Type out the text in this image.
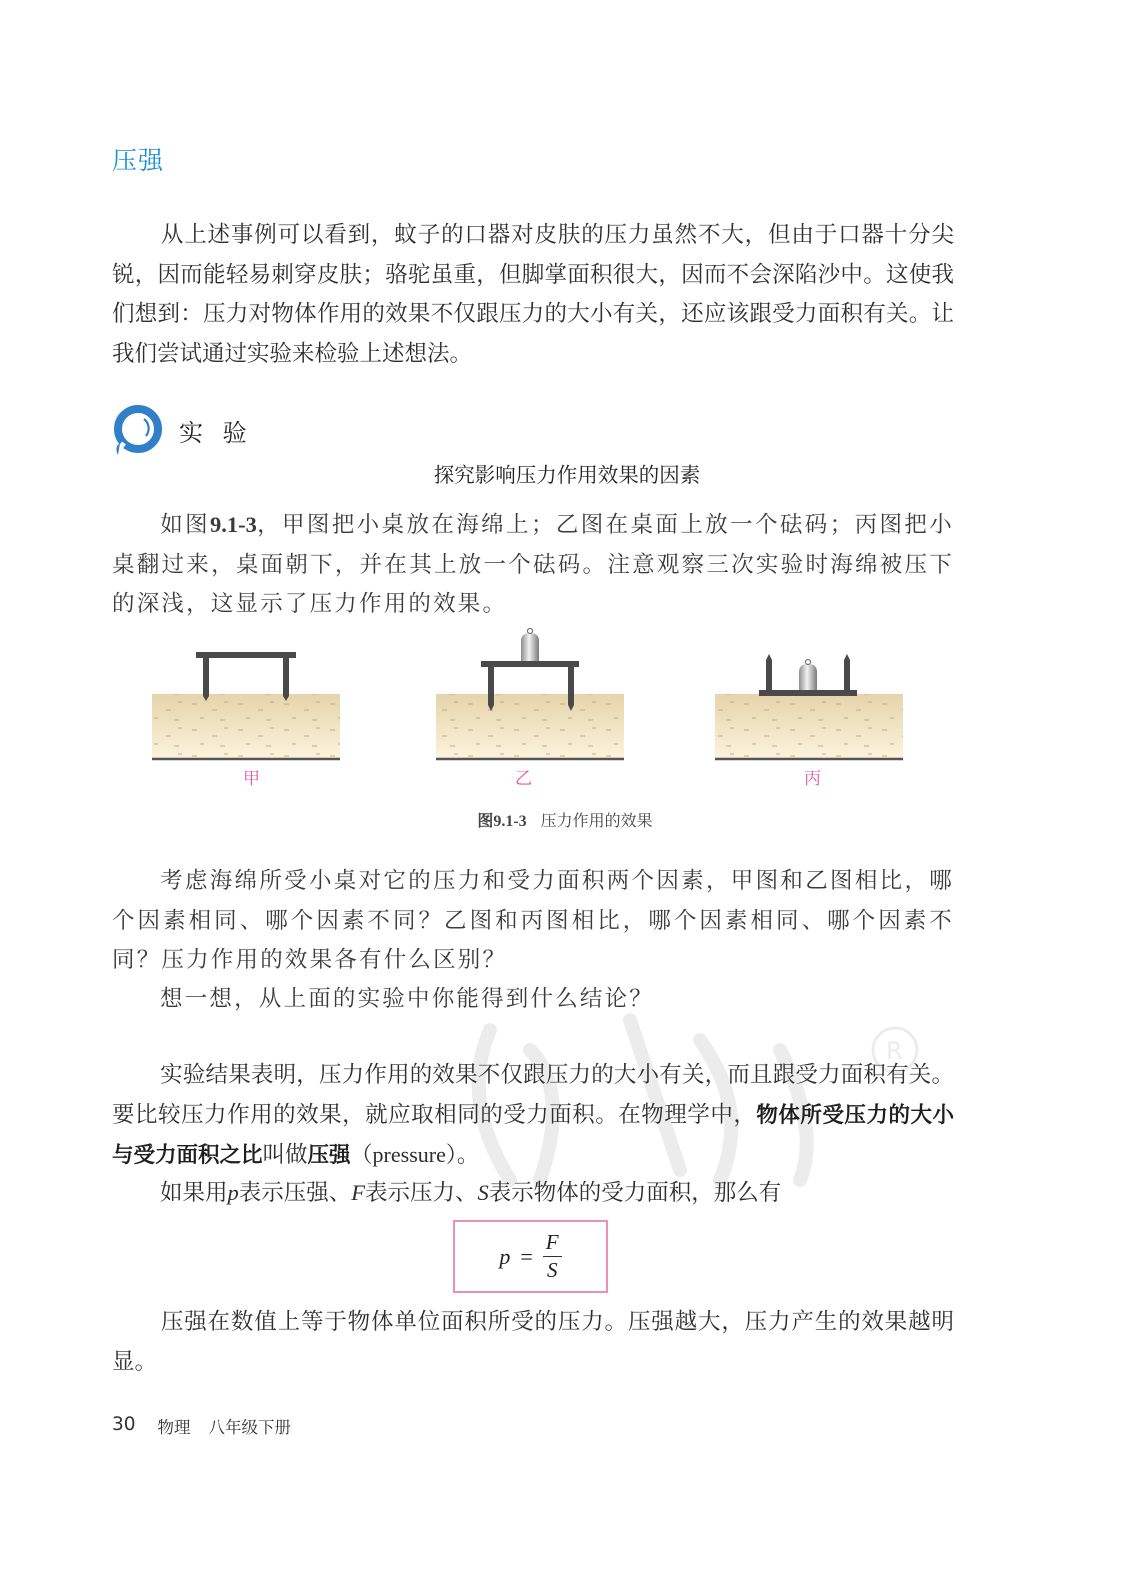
压强

从上述事例可以看到，蚊子的口器对皮肤的压力虽然不大，但由于口器十分尖锐，因而能轻易刺穿皮肤；骆驼虽重，但脚掌面积很大，因而不会深陷沙中。这使我们想到：压力对物体作用的效果不仅跟压力的大小有关，还应该跟受力面积有关。让我们尝试通过实验来检验上述想法。

实 验
探究影响压力作用效果的因素

如图9.1-3，甲图把小桌放在海绵上；乙图在桌面上放一个砝码；丙图把小桌翻过来，桌面朝下，并在其上放一个砝码。注意观察三次实验时海绵被压下的深浅，这显示了压力作用的效果。

甲	乙	丙
图9.1-3 压力作用的效果

考虑海绵所受小桌对它的压力和受力面积两个因素，甲图和乙图相比，哪个因素相同、哪个因素不同？乙图和丙图相比，哪个因素相同、哪个因素不同？压力作用的效果各有什么区别？

想一想，从上面的实验中你能得到什么结论？

R

实验结果表明，压力作用的效果不仅跟压力的大小有关，而且跟受力面积有关。要比较压力作用的效果，就应取相同的受力面积。在物理学中，物体所受压力的大小与受力面积之比叫做压强（pressure）。

如果用p表示压强、F表示压力、S表示物体的受力面积，那么有

$p = \frac{F}{S}$

压强在数值上等于物体单位面积所受的压力。压强越大，压力产生的效果越明显。

30 物理 八年级下册
